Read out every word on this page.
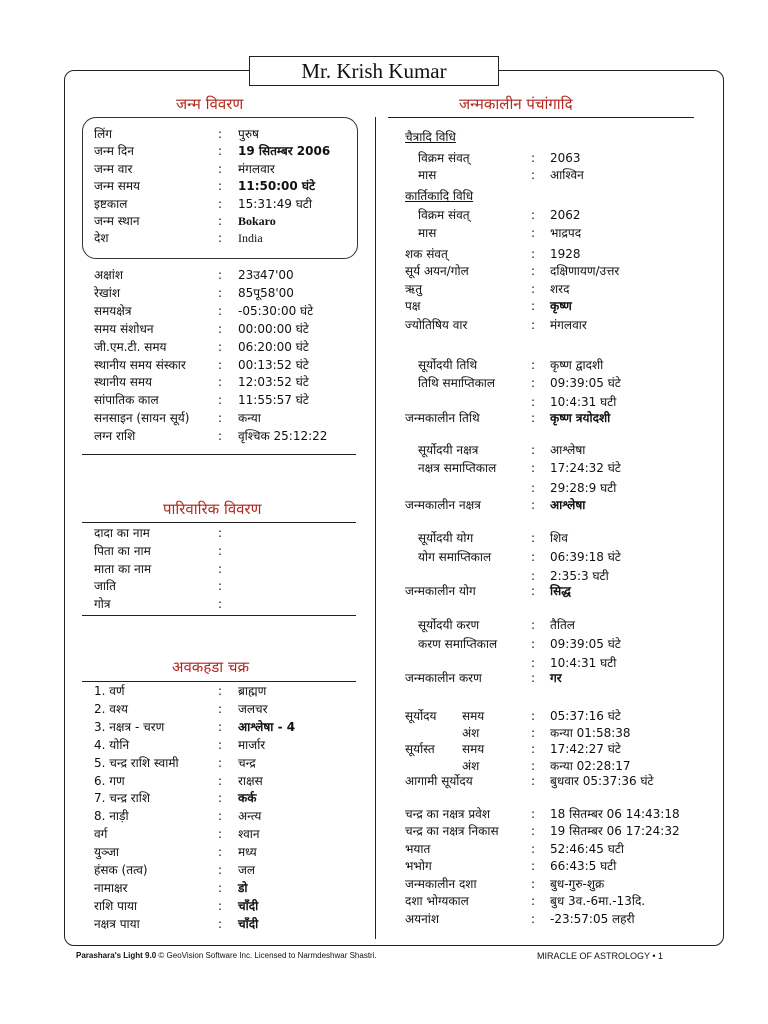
Mr. Krish Kumar
जन्म विवरण
लिंग	: पुरुष
जन्म दिन	: 19 सितम्बर 2006
जन्म वार	: मंगलवार
जन्म समय	: 11:50:00 घंटे
इष्टकाल	: 15:31:49 घटी
जन्म स्थान	: Bokaro
देश	: India
अक्षांश	: 23उ47'00
रेखांश	: 85पू58'00
समयक्षेत्र	: -05:30:00 घंटे
समय संशोधन	: 00:00:00 घंटे
जी.एम.टी. समय	: 06:20:00 घंटे
स्थानीय समय संस्कार	: 00:13:52 घंटे
स्थानीय समय	: 12:03:52 घंटे
सांपातिक काल	: 11:55:57 घंटे
सनसाइन (सायन सूर्य) : कन्या
लग्न राशि	: वृश्चिक 25:12:22
पारिवारिक विवरण
दादा का नाम	:
पिता का नाम	:
माता का नाम	:
जाति	:
गोत्र	:
अवकहडा चक्र
1. वर्ण	: ब्राह्मण
2. वश्य	: जलचर
3. नक्षत्र - चरण	: आश्लेषा - 4
4. योनि	: मार्जार
5. चन्द्र राशि स्वामी	: चन्द्र
6. गण	: राक्षस
7. चन्द्र राशि	: कर्क
8. नाड़ी	: अन्त्य
वर्ग	: श्वान
युञ्जा	: मध्य
हंसक (तत्व)	: जल
नामाक्षर	: डो
राशि पाया	: चाँदी
नक्षत्र पाया	: चाँदी
जन्मकालीन पंचांगादि
चैत्रादि विधि
विक्रम संवत्	: 2063
मास	: आश्विन
कार्तिकादि विधि
विक्रम संवत्	: 2062
मास	: भाद्रपद
शक संवत्	: 1928
सूर्य अयन/गोल	: दक्षिणायण/उत्तर
ऋतु	: शरद
पक्ष	: कृष्ण
ज्योतिषिय वार	: मंगलवार
सूर्योदयी तिथि	: कृष्ण द्वादशी
तिथि समाप्तिकाल	: 09:39:05 घंटे
: 10:4:31 घटी
जन्मकालीन तिथि	: कृष्ण त्रयोदशी
सूर्योदयी नक्षत्र	: आश्लेषा
नक्षत्र समाप्तिकाल	: 17:24:32 घंटे
: 29:28:9 घटी
जन्मकालीन नक्षत्र	: आश्लेषा
सूर्योदयी योग	: शिव
योग समाप्तिकाल	: 06:39:18 घंटे
: 2:35:3 घटी
जन्मकालीन योग	: सिद्ध
सूर्योदयी करण	: तैतिल
करण समाप्तिकाल	: 09:39:05 घंटे
: 10:4:31 घटी
जन्मकालीन करण	: गर
सूर्योदय समय	: 05:37:16 घंटे
अंश	: कन्या 01:58:38
सूर्यास्त समय	: 17:42:27 घंटे
अंश	: कन्या 02:28:17
आगामी सूर्योदय	: बुधवार 05:37:36 घंटे
चन्द्र का नक्षत्र प्रवेश	: 18 सितम्बर 06 14:43:18
चन्द्र का नक्षत्र निकास	: 19 सितम्बर 06 17:24:32
भयात	: 52:46:45 घटी
भभोग	: 66:43:5 घटी
जन्मकालीन दशा	: बुध-गुरु-शुक्र
दशा भोग्यकाल	: बुध 3व.-6मा.-13दि.
अयनांश	: -23:57:05 लहरी
Parashara's Light 9.0 © GeoVision Software Inc. Licensed to Narmdeshwar Shastri.	MIRACLE OF ASTROLOGY • 1
